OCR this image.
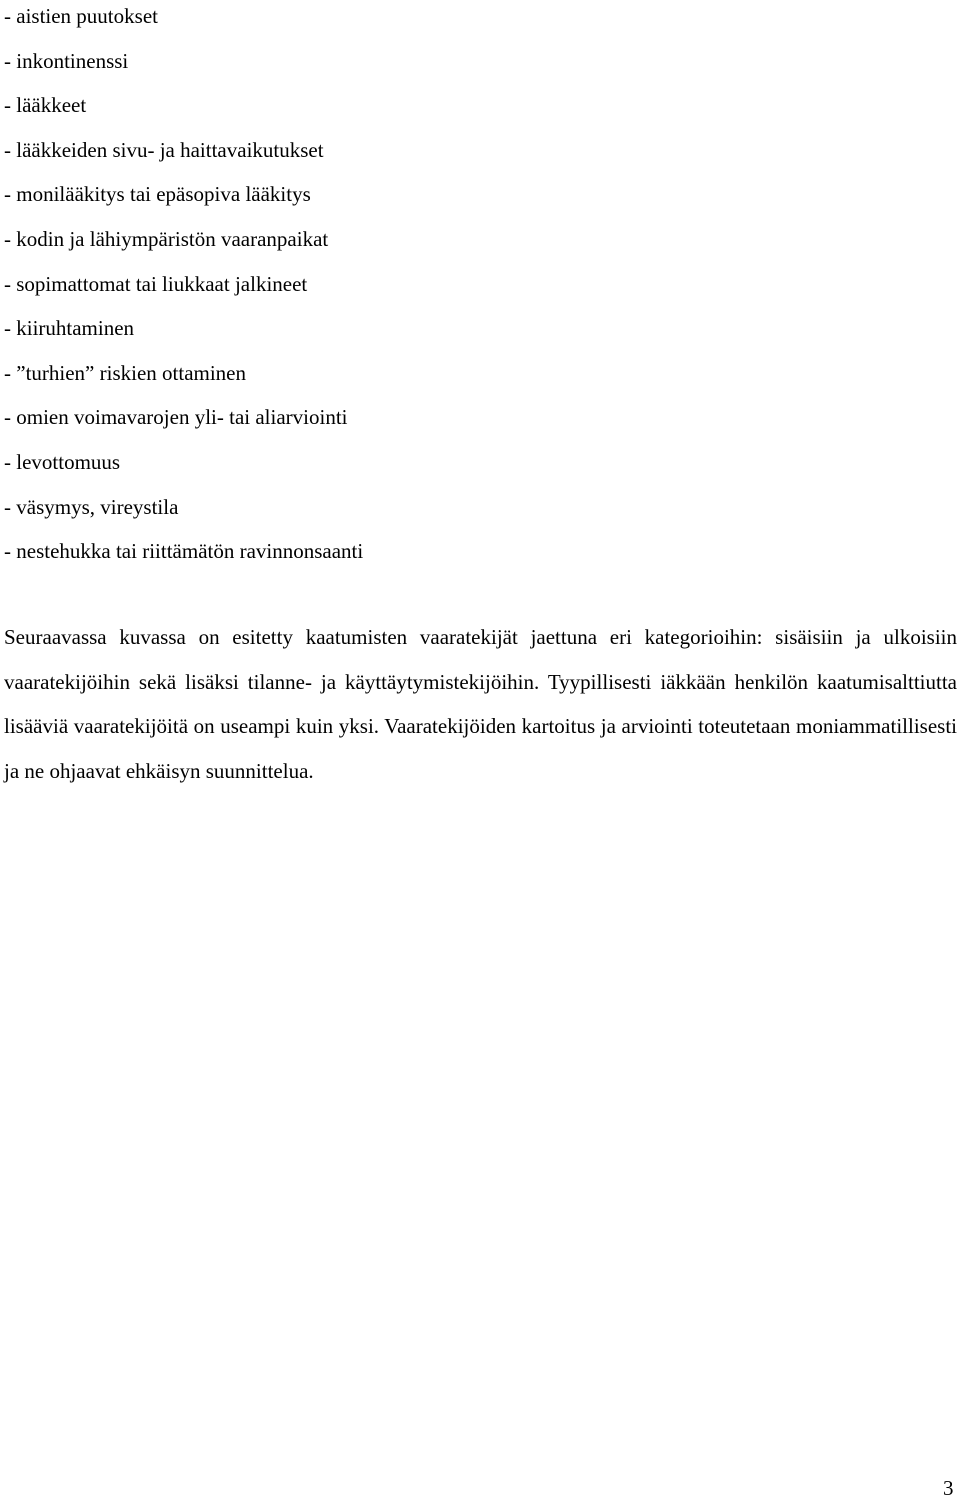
- aistien puutokset
- inkontinenssi
- lääkkeet
- lääkkeiden sivu- ja haittavaikutukset
- monilääkitys tai epäsopiva lääkitys
- kodin ja lähiympäristön vaaranpaikat
- sopimattomat tai liukkaat jalkineet
- kiiruhtaminen
- ”turhien” riskien ottaminen
- omien voimavarojen yli- tai aliarviointi
- levottomuus
- väsymys, vireystila
- nestehukka tai riittämätön ravinnonsaanti

Seuraavassa kuvassa on esitetty kaatumisten vaaratekijät jaettuna eri kategorioihin: sisäisiin ja ulkoisiin vaaratekijöihin sekä lisäksi tilanne- ja käyttäytymistekijöihin. Tyypillisesti iäkkään henkilön kaatumisalttiutta lisääviä vaaratekijöitä on useampi kuin yksi. Vaaratekijöiden kartoitus ja arviointi toteutetaan moniammatillisesti ja ne ohjaavat ehkäisyn suunnittelua.

3
